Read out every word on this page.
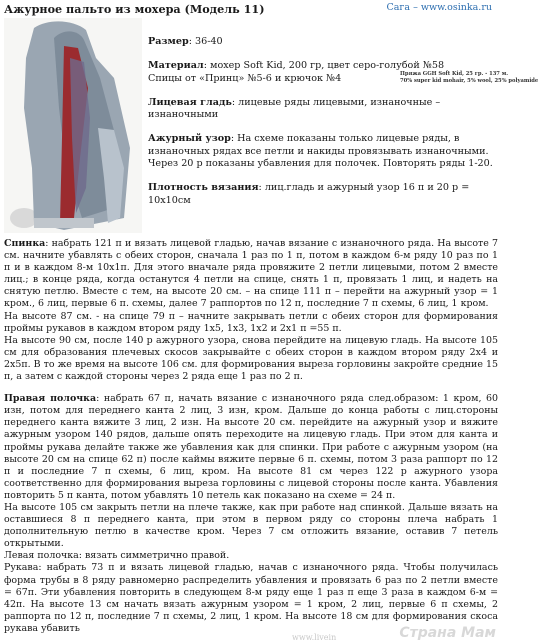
Ажурное пальто из мохера (Модель 11)	Сага – www.osinka.ru
Размер: 36-40
Материал: мохер Soft Kid, 200 гр, цвет серо-голубой №58
Спицы от «Принц» №5-6 и крючок №4
Лицевая гладь: лицевые ряды лицевыми, изнаночные – изнаночными
Ажурный узор: На схеме показаны только лицевые ряды, в изнаночных рядах все петли и накиды провязывать изнаночными. Через 20 р показаны убавления для полочек. Повторять ряды 1-20.
Плотность вязания: лиц.гладь и ажурный узор 16 п и 20 р = 10х10см
Пряжа GGH Soft Kid, 25 гр. - 137 м.
70% super kid mohair, 5% wool, 25% polyamide

Спинка: набрать 121 п и вязать лицевой гладью, начав вязание с изнаночного ряда. На высоте 7 см. начните убавлять с обеих сторон, сначала 1 раз по 1 п, потом в каждом 6-м ряду 10 раз по 1 п и в каждом 8-м 10х1п. Для этого вначале ряда провяжите 2 петли лицевыми, потом 2 вместе лиц.; в конце ряда, когда останутся 4 петли на спице, снять 1 п, провязать 1 лиц, и надеть на снятую петлю. Вместе с тем, на высоте 20 см. – на спице 111 п – перейти на ажурный узор = 1 кром., 6 лиц, первые 6 п. схемы, далее 7 раппортов по 12 п, последние 7 п схемы, 6 лиц, 1 кром.

На высоте 87 см. - на спице 79 п – начните закрывать петли с обеих сторон для формирования проймы рукавов в каждом втором ряду 1х5, 1х3, 1х2 и 2х1 п =55 п.

На высоте 90 см, после 140 р ажурного узора, снова перейдите на лицевую гладь. На высоте 105 см для образования плечевых скосов закрывайте с обеих сторон в каждом втором ряду 2х4 и 2х5п. В то же время на высоте 106 см. для формирования выреза горловины закройте средние 15 п, а затем с каждой стороны через 2 ряда еще 1 раз по 2 п.

Правая полочка: набрать 67 п, начать вязание с изнаночного ряда след.образом: 1 кром, 60 изн, потом для переднего канта 2 лиц, 3 изн, кром. Дальше до конца работы с лиц.стороны переднего канта вяжите 3 лиц, 2 изн. На высоте 20 см. перейдите на ажурный узор и вяжите ажурным узором 140 рядов, дальше опять переходите на лицевую гладь. При этом для канта и проймы рукава делайте также же убавления как для спинки. При работе с ажурным узором (на высоте 20 см на спице 62 п) после каймы вяжите первые 6 п. схемы, потом 3 раза раппорт по 12 п и последние 7 п схемы, 6 лиц, кром. На высоте 81 см через 122 р ажурного узора соответственно для формирования выреза горловины с лицевой стороны после канта. Убавления повторить 5 п канта, потом убавлять 10 петель как показано на схеме = 24 п.

На высоте 105 см закрыть петли на плече также, как при работе над спинкой. Дальше вязать на оставшиеся 8 п переднего канта, при этом в первом ряду со стороны плеча набрать 1 дополнительную петлю в качестве кром. Через 7 см отложить вязание, оставив 7 петель открытыми.

Левая полочка: вязать симметрично правой.

Рукава: набрать 73 п и вязать лицевой гладью, начав с изнаночного ряда. Чтобы получилась форма трубы в 8 ряду равномерно распределить убавления и провязать 6 раз по 2 петли вместе = 67п. Эти убавления повторить в следующем 8-м ряду еще 1 раз п еще 3 раза в каждом 6-м = 42п. На высоте 13 см начать вязать ажурным узором = 1 кром, 2 лиц, первые 6 п схемы, 2 раппорта по 12 п, последние 7 п схемы, 2 лиц, 1 кром. На высоте 18 см для формирования скоса рукава убавить

www.livein	Страна Мам
